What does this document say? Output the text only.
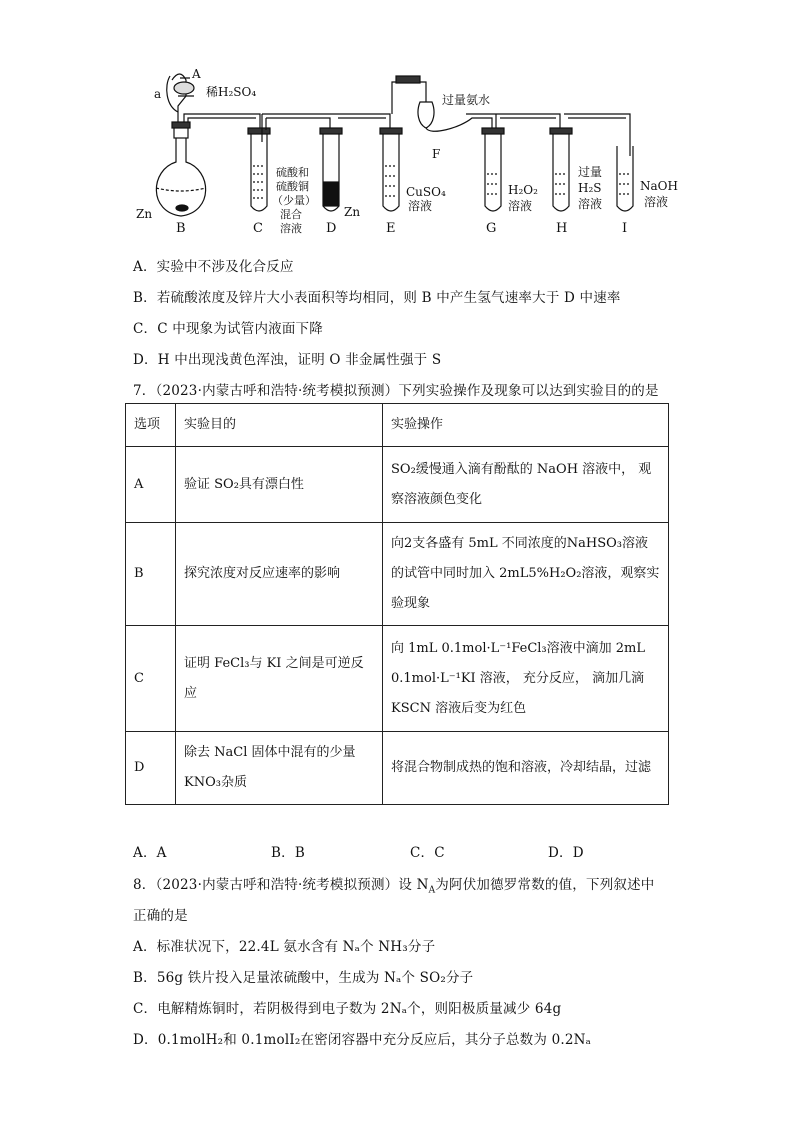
a
A
稀H₂SO₄
Zn
硫酸和
硫酸铜
（少量）
混合
溶液
Zn
CuSO₄
溶液
过量氨水
F
H₂O₂
溶液
过量
H₂S
溶液
NaOH
溶液
B	C	D	E	G	H	I
A．实验中不涉及化合反应
B．若硫酸浓度及锌片大小表面积等均相同，则 B 中产生氢气速率大于 D 中速率
C．C 中现象为试管内液面下降
D．H 中出现浅黄色浑浊，证明 O 非金属性强于 S
7．（2023·内蒙古呼和浩特·统考模拟预测）下列实验操作及现象可以达到实验目的的是
选项	实验目的	实验操作
A	验证 SO₂具有漂白性	SO₂缓慢通入滴有酚酞的 NaOH 溶液中， 观察溶液颜色变化
B	探究浓度对反应速率的影响	向2支各盛有 5mL 不同浓度的NaHSO₃溶液的试管中同时加入 2mL5%H₂O₂溶液，观察实验现象
C	证明 FeCl₃与 KI 之间是可逆反应	向 1mL 0.1mol·L⁻¹FeCl₃溶液中滴加 2mL 0.1mol·L⁻¹KI 溶液， 充分反应， 滴加几滴 KSCN 溶液后变为红色
D	除去 NaCl 固体中混有的少量 KNO₃杂质	将混合物制成热的饱和溶液，冷却结晶，过滤
A．A	B．B	C．C	D．D
8．（2023·内蒙古呼和浩特·统考模拟预测）设 $N_A$为阿伏加德罗常数的值，下列叙述中
正确的是
A．标准状况下，22.4L 氨水含有 Nₐ个 NH₃分子
B．56g 铁片投入足量浓硫酸中，生成为 Nₐ个 SO₂分子
C．电解精炼铜时，若阴极得到电子数为 2Nₐ个，则阳极质量减少 64g
D．0.1molH₂和 0.1molI₂在密闭容器中充分反应后，其分子总数为 0.2Nₐ
